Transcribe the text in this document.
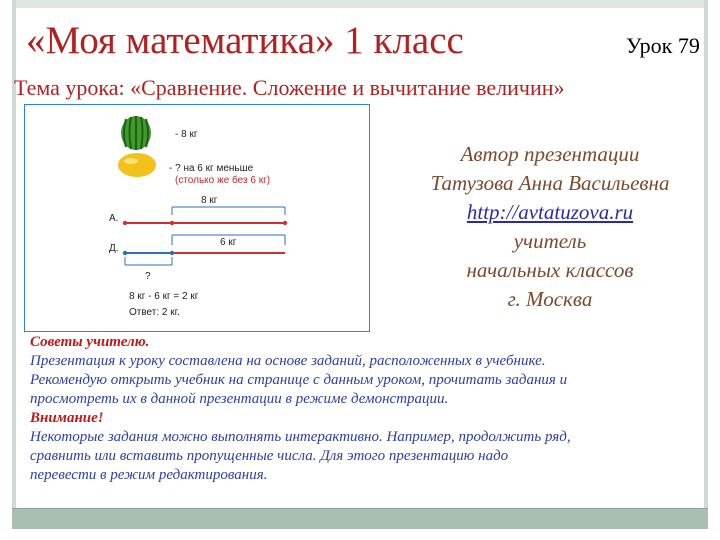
«Моя математика» 1 класс	Урок 79
Тема урока: «Сравнение. Сложение и вычитание величин»
- 8 кг
- ? на 6 кг меньше
(столько же без 6 кг)
8 кг
А.
6 кг
Д.
?
8 кг - 6 кг = 2 кг
Ответ: 2 кг.
Автор презентации
Татузова Анна Васильевна
http://avtatuzova.ru
учитель
начальных классов
г. Москва

Советы учителю.

Презентация к уроку составлена на основе заданий, расположенных в учебнике.

Рекомендую открыть учебник на странице с данным уроком, прочитать задания и

просмотреть их в данной презентации в режиме демонстрации.

Внимание!

Некоторые задания можно выполнять интерактивно. Например, продолжить ряд,

сравнить или вставить пропущенные числа. Для этого презентацию надо

перевести в режим редактирования.
